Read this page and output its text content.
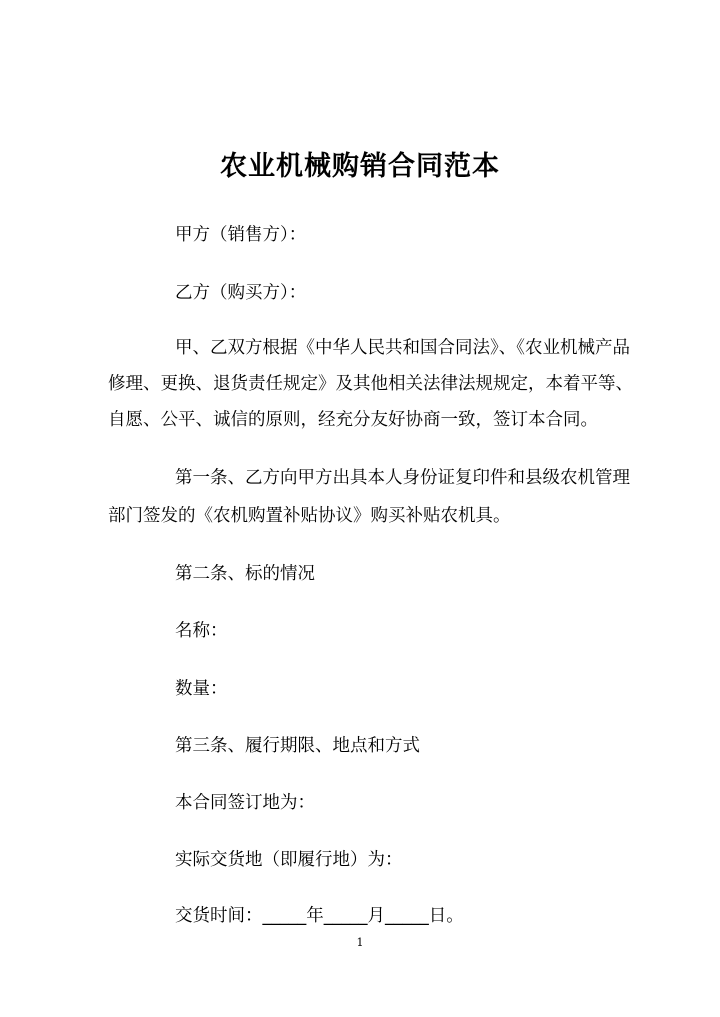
农业机械购销合同范本
甲方（销售方）：
乙方（购买方）：
甲、乙双方根据《中华人民共和国合同法》、《农业机械产品
修理、更换、退货责任规定》及其他相关法律法规规定，本着平等、
自愿、公平、诚信的原则，经充分友好协商一致，签订本合同。
第一条、乙方向甲方出具本人身份证复印件和县级农机管理
部门签发的《农机购置补贴协议》购买补贴农机具。
第二条、标的情况
名称：
数量：
第三条、履行期限、地点和方式
本合同签订地为：
实际交货地（即履行地）为：
交货时间：_____年_____月_____日。
1
